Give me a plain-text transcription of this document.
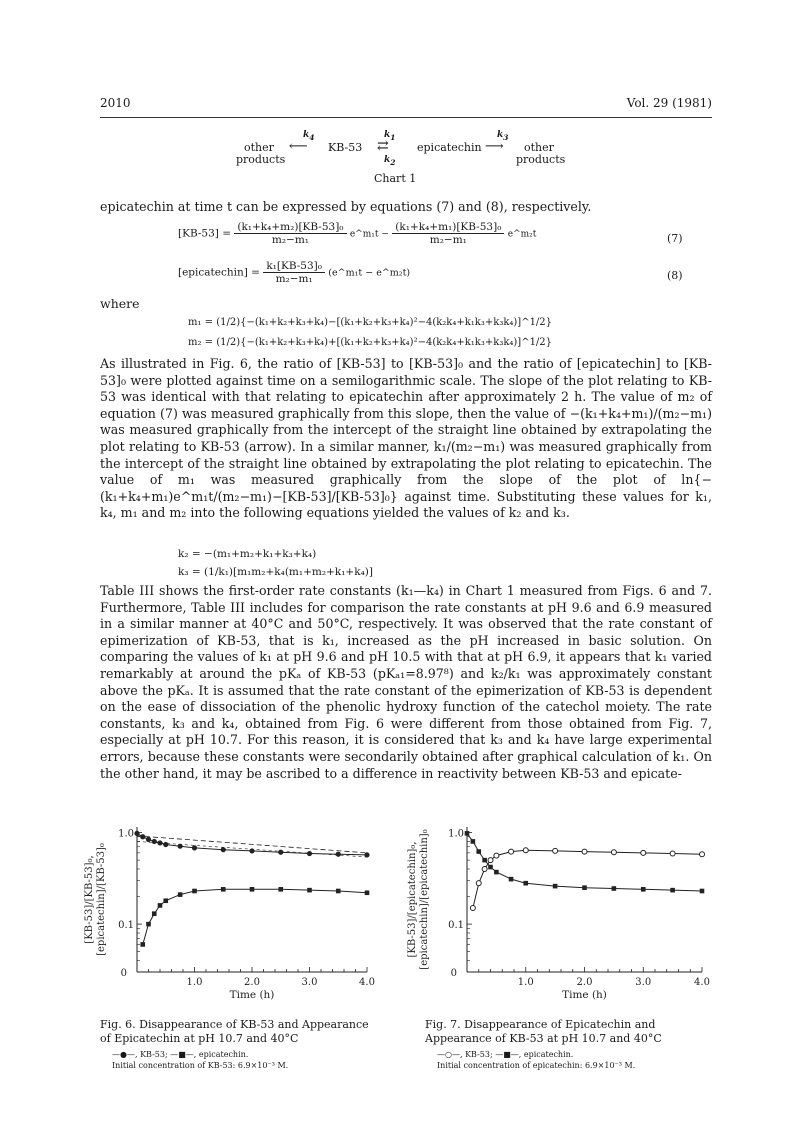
2010	Vol. 29 (1981)
$k_4$	$k_1$	$k_3$
other
products
⟵ KB-53 ⇄	epicatechin ⟶ other
products
$k_2$
Chart 1
epicatechin at time t can be expressed by equations (7) and (8), respectively.
$[KB-53] = \frac{\text{(k₁+k₄+m₂)[KB-53]₀}}{\text{m₂−m₁}}$ e^m₁t − $\frac{\text{(k₁+k₄+m₁)[KB-53]₀}}{\text{m₂−m₁}}$ e^m₂t	(7)
[epicatechin] = $\frac{\text{k₁[KB-53]₀}}{\text{m₂−m₁}}$ (e^m₁t − e^m₂t)	(8)
where
m₁ = (1/2){−(k₁+k₂+k₃+k₄)−[(k₁+k₂+k₃+k₄)²−4(k₂k₄+k₁k₃+k₃k₄)]^1/2}
m₂ = (1/2){−(k₁+k₂+k₃+k₄)+[(k₁+k₂+k₃+k₄)²−4(k₂k₄+k₁k₃+k₃k₄)]^1/2}

As illustrated in Fig. 6, the ratio of [KB-53] to [KB-53]₀ and the ratio of [epicatechin] to [KB-53]₀ were plotted against time on a semilogarithmic scale. The slope of the plot relating to KB-53 was identical with that relating to epicatechin after approximately 2 h. The value of m₂ of equation (7) was measured graphically from this slope, then the value of −(k₁+k₄+m₁)/(m₂−m₁) was measured graphically from the intercept of the straight line obtained by extrapolating the plot relating to KB-53 (arrow). In a similar manner, k₁/(m₂−m₁) was measured graphically from the intercept of the straight line obtained by extrapolating the plot relating to epicatechin. The value of m₁ was measured graphically from the slope of the plot of ln{−(k₁+k₄+m₁)e^m₁t/(m₂−m₁)−[KB-53]/[KB-53]₀} against time. Substituting these values for k₁, k₄, m₁ and m₂ into the following equations yielded the values of k₂ and k₃.

k₂ = −(m₁+m₂+k₁+k₃+k₄)
k₃ = (1/k₁)[m₁m₂+k₄(m₁+m₂+k₁+k₄)]

Table III shows the first-order rate constants (k₁—k₄) in Chart 1 measured from Figs. 6 and 7. Furthermore, Table III includes for comparison the rate constants at pH 9.6 and 6.9 measured in a similar manner at 40°C and 50°C, respectively. It was observed that the rate constant of epimerization of KB-53, that is k₁, increased as the pH increased in basic solution. On comparing the values of k₁ at pH 9.6 and pH 10.5 with that at pH 6.9, it appears that k₁ varied remarkably at around the pKₐ of KB-53 (pKₐ₁=8.97⁸) and k₂/k₁ was approximately constant above the pKₐ. It is assumed that the rate constant of the epimerization of KB-53 is dependent on the ease of dissociation of the phenolic hydroxy function of the catechol moiety. The rate constants, k₃ and k₄, obtained from Fig. 6 were different from those obtained from Fig. 7, especially at pH 10.7. For this reason, it is considered that k₃ and k₄ have large experimental errors, because these constants were secondarily obtained after graphical calculation of k₁. On the other hand, it may be ascribed to a difference in reactivity between KB-53 and epicate-

1.0	2.0	3.0	4.0
0
1.0
0.1
Time (h)
[KB-53]/[KB-53]₀, [epicatechin]/[KB-53]₀
Fig. 6. Disappearance of KB-53 and Appearance of Epicatechin at pH 10.7 and 40°C
—●—, KB-53; —■—, epicatechin.
Initial concentration of KB-53: 6.9×10⁻³ M.
1.0	2.0	3.0	4.0
0
1.0
0.1
Time (h)
[KB-53]/[epicatechin]₀, [epicatechin]/[epicatechin]₀
Fig. 7. Disappearance of Epicatechin and Appearance of KB-53 at pH 10.7 and 40°C
—○—, KB-53; —■—, epicatechin.
Initial concentration of epicatechin: 6.9×10⁻³ M.
